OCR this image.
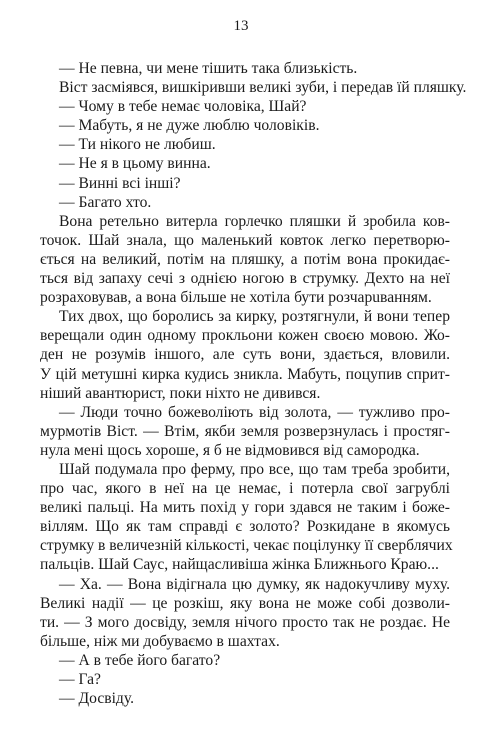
13
— Не певна, чи мене тішить така близькість.
Віст засміявся, вишкіривши великі зуби, і передав їй пляшку.
— Чому в тебе немає чоловіка, Шай?
— Мабуть, я не дуже люблю чоловіків.
— Ти нікого не любиш.
— Не я в цьому винна.
— Винні всі інші?
— Багато хто.
Вона ретельно витерла горлечко пляшки й зробила ков-
точок. Шай знала, що маленький ковток легко перетворю-
ється на великий, потім на пляшку, а потім вона прокидає-
ться від запаху сечі з однією ногою в струмку. Дехто на неї
розраховував, а вона більше не хотіла бути розчарuванням.
Тих двох, що боролись за кирку, розтягнули, й вони тепер
верещали один одному прокльони кожен своєю мовою. Жо-
ден не розумів іншого, але суть вони, здається, вловили.
У цій метушні кирка кудись зникла. Мабуть, поцупив сприт-
ніший авантюрист, поки ніхто не дивився.
— Люди точно божеволіють від золота, — тужливо про-
мурмотів Віст. — Втім, якби земля розверзнулась і простяг-
нула мені щось хороше, я б не відмовився від самородка.
Шай подумала про ферму, про все, що там треба зробити,
про час, якого в неї на це немає, і потерла свої загрублі
великі пальці. На мить похід у гори здався не таким і боже-
віллям. Що як там справді є золото? Розкидане в якомусь
струмку в величезній кількості, чекає поцілунку її сверблячих
пальців. Шай Саус, найщасливіша жінка Ближнього Краю...
— Ха. — Вона відігнала цю думку, як надокучливу муху.
Великі надії — це розкіш, яку вона не може собі дозволи-
ти. — З мого досвіду, земля нічого просто так не роздає. Не
більше, ніж ми добуваємо в шахтах.
— А в тебе його багато?
— Га?
— Досвіду.
